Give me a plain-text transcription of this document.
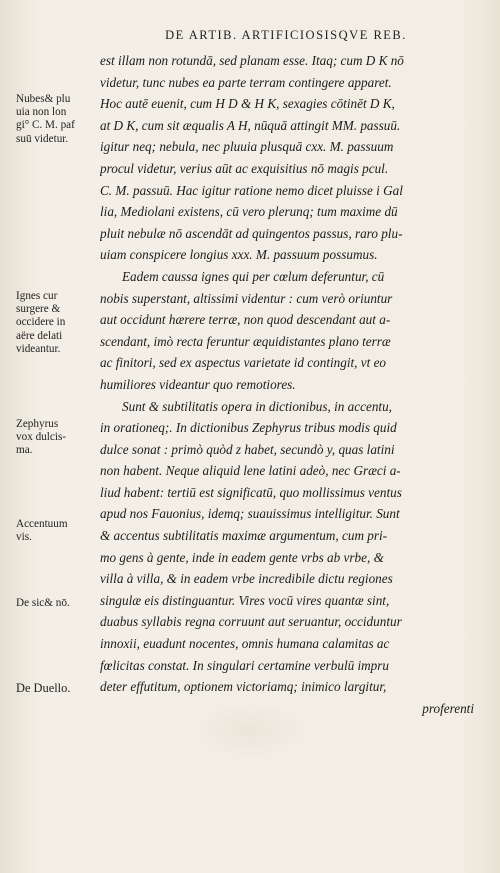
DE ARTIB. ARTIFICIOSISQVE REB.
est illam non rotundā, sed planam esse. Itaq; cum D K nō
videtur, tunc nubes ea parte terram contingere apparet.
Hoc autē euenit, cum H D & H K, sexagies cōtinēt D K,
at D K, cum sit æqualis A H, nūquā attingit MM. passuū.
igitur neq; nebula, nec pluuia plusquā cxx. M. passuum
procul videtur, verius aūt ac exquisitius nō magis pcul.
C. M. passuū. Hac igitur ratione nemo dicet pluisse i Gal
lia, Mediolani existens, cū vero plerunq; tum maxime dū
pluit nebulæ nō ascendāt ad quingentos passus, raro plu-
uiam conspicere longius xxx. M. passuum possumus.
Eadem caussa ignes qui per cœlum deferuntur, cū
nobis superstant, altissimi videntur : cum verò oriuntur
aut occidunt hærere terræ, non quod descendant aut a-
scendant, imò recta feruntur æquidistantes plano terræ
ac finitori, sed ex aspectus varietate id contingit, vt eo
humiliores videantur quo remotiores.
Sunt & subtilitatis opera in dictionibus, in accentu,
in orationeq;. In dictionibus Zephyrus tribus modis quid
dulce sonat : primò quòd z habet, secundò y, quas latini
non habent. Neque aliquid lene latini adeò, nec Græci a-
liud habent: tertiū est significatū, quo mollissimus ventus
apud nos Fauonius, idemq; suauissimus intelligitur. Sunt
& accentus subtilitatis maximæ argumentum, cum pri-
mo gens à gente, inde in eadem gente vrbs ab vrbe, &
villa à villa, & in eadem vrbe incredibile dictu regiones
singulæ eis distinguantur. Vires vocū vires quantæ sint,
duabus syllabis regna corruunt aut seruantur, occiduntur
innoxii, euadunt nocentes, omnis humana calamitas ac
fœlicitas constat. In singulari certamine verbulū impru
deter effutitum, optionem victoriamq; inimico largitur,
proferenti
Nubes& plu
uia non lon
gi° C. M. paf
suū videtur.
Ignes cur
surgere &
occidere in
aëre delati
videantur.
Zephyrus
vox dulcis-
ma.
Accentuum
vis.
De sic& nō.
De Duello.
